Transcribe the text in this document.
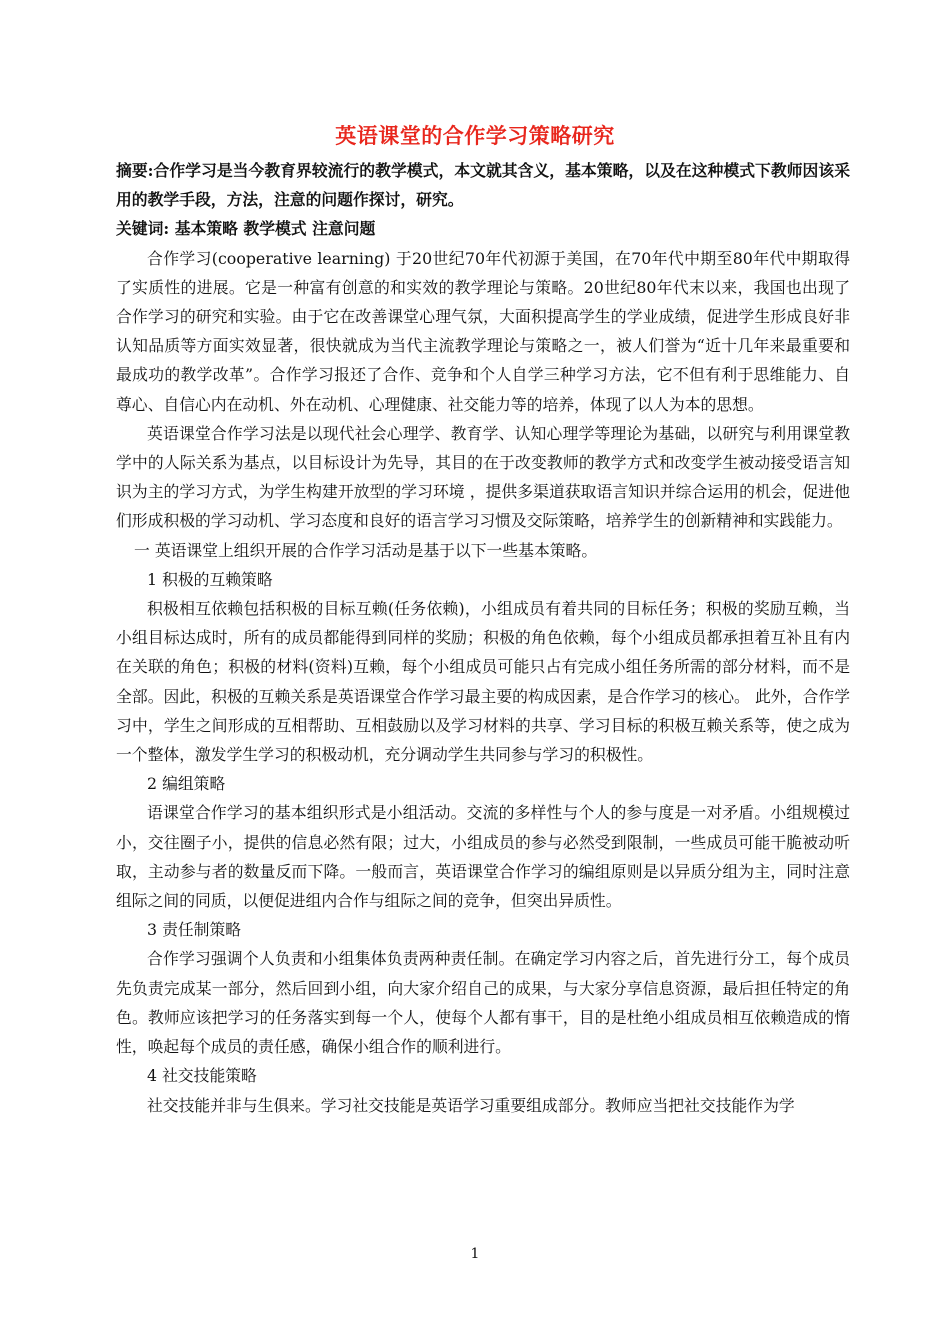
英语课堂的合作学习策略研究

摘要:合作学习是当今教育界较流行的教学模式，本文就其含义，基本策略，以及在这种模式下教师因该采用的教学手段，方法，注意的问题作探讨，研究。

关键词: 基本策略 教学模式 注意问题

合作学习(cooperative learning) 于20世纪70年代初源于美国，在70年代中期至80年代中期取得了实质性的进展。它是一种富有创意的和实效的教学理论与策略。20世纪80年代末以来，我国也出现了合作学习的研究和实验。由于它在改善课堂心理气氛，大面积提高学生的学业成绩，促进学生形成良好非认知品质等方面实效显著，很快就成为当代主流教学理论与策略之一，被人们誉为“近十几年来最重要和最成功的教学改革”。合作学习报还了合作、竞争和个人自学三种学习方法，它不但有利于思维能力、自尊心、自信心内在动机、外在动机、心理健康、社交能力等的培养，体现了以人为本的思想。

英语课堂合作学习法是以现代社会心理学、教育学、认知心理学等理论为基础，以研究与利用课堂教学中的人际关系为基点，以目标设计为先导，其目的在于改变教师的教学方式和改变学生被动接受语言知识为主的学习方式，为学生构建开放型的学习环境 ，提供多渠道获取语言知识并综合运用的机会，促进他们形成积极的学习动机、学习态度和良好的语言学习习惯及交际策略，培养学生的创新精神和实践能力。

一 英语课堂上组织开展的合作学习活动是基于以下一些基本策略。

1 积极的互赖策略

积极相互依赖包括积极的目标互赖(任务依赖)，小组成员有着共同的目标任务；积极的奖励互赖，当小组目标达成时，所有的成员都能得到同样的奖励；积极的角色依赖，每个小组成员都承担着互补且有内在关联的角色；积极的材料(资料)互赖，每个小组成员可能只占有完成小组任务所需的部分材料，而不是全部。因此，积极的互赖关系是英语课堂合作学习最主要的构成因素，是合作学习的核心。 此外，合作学习中，学生之间形成的互相帮助、互相鼓励以及学习材料的共享、学习目标的积极互赖关系等，使之成为一个整体，激发学生学习的积极动机，充分调动学生共同参与学习的积极性。

2 编组策略

语课堂合作学习的基本组织形式是小组活动。交流的多样性与个人的参与度是一对矛盾。小组规模过小，交往圈子小，提供的信息必然有限；过大，小组成员的参与必然受到限制，一些成员可能干脆被动听取，主动参与者的数量反而下降。一般而言，英语课堂合作学习的编组原则是以异质分组为主，同时注意组际之间的同质，以便促进组内合作与组际之间的竞争，但突出异质性。

3 责任制策略

合作学习强调个人负责和小组集体负责两种责任制。在确定学习内容之后，首先进行分工，每个成员先负责完成某一部分，然后回到小组，向大家介绍自己的成果，与大家分享信息资源，最后担任特定的角色。教师应该把学习的任务落实到每一个人，使每个人都有事干，目的是杜绝小组成员相互依赖造成的惰性，唤起每个成员的责任感，确保小组合作的顺利进行。

4 社交技能策略

社交技能并非与生俱来。学习社交技能是英语学习重要组成部分。教师应当把社交技能作为学

1
